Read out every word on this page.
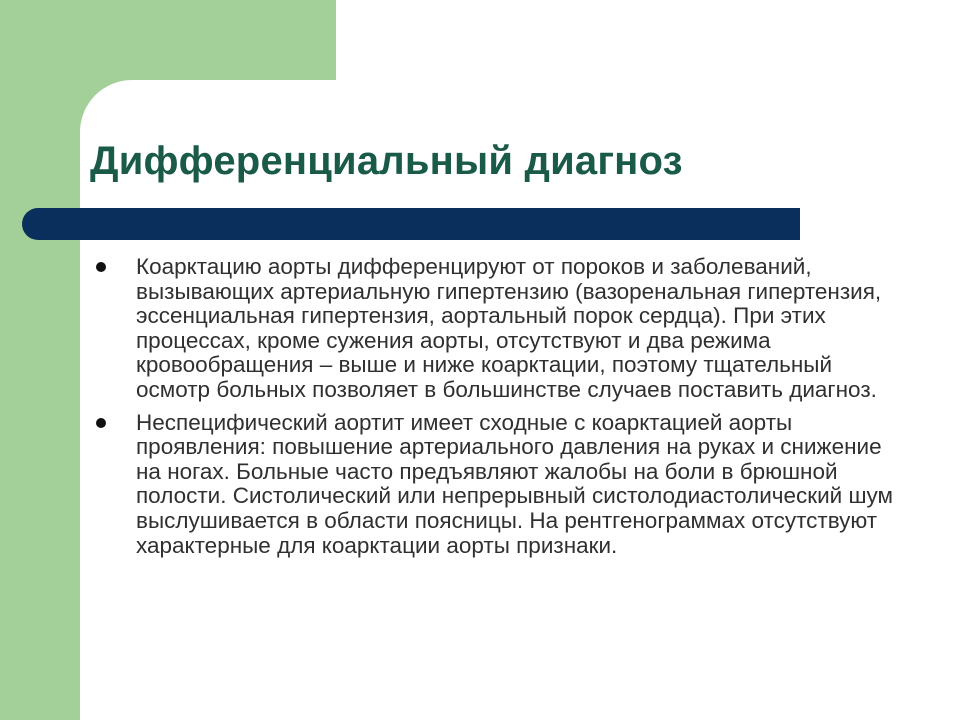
Дифференциальный диагноз
Коарктацию аорты дифференцируют от пороков и заболеваний, вызывающих артериальную гипертензию (вазоренальная гипертензия, эссенциальная гипертензия, аортальный порок сердца). При этих процессах, кроме сужения аорты, отсутствуют и два режима кровообращения – выше и ниже коарктации, поэтому тщательный осмотр больных позволяет в большинстве случаев поставить диагноз.
Неспецифический аортит имеет сходные с коарктацией аорты проявления: повышение артериального давления на руках и снижение на ногах. Больные часто предъявляют жалобы на боли в брюшной полости. Систолический или непрерывный систолодиастолический шум выслушивается в области поясницы. На рентгенограммах отсутствуют характерные для коарктации аорты признаки.
